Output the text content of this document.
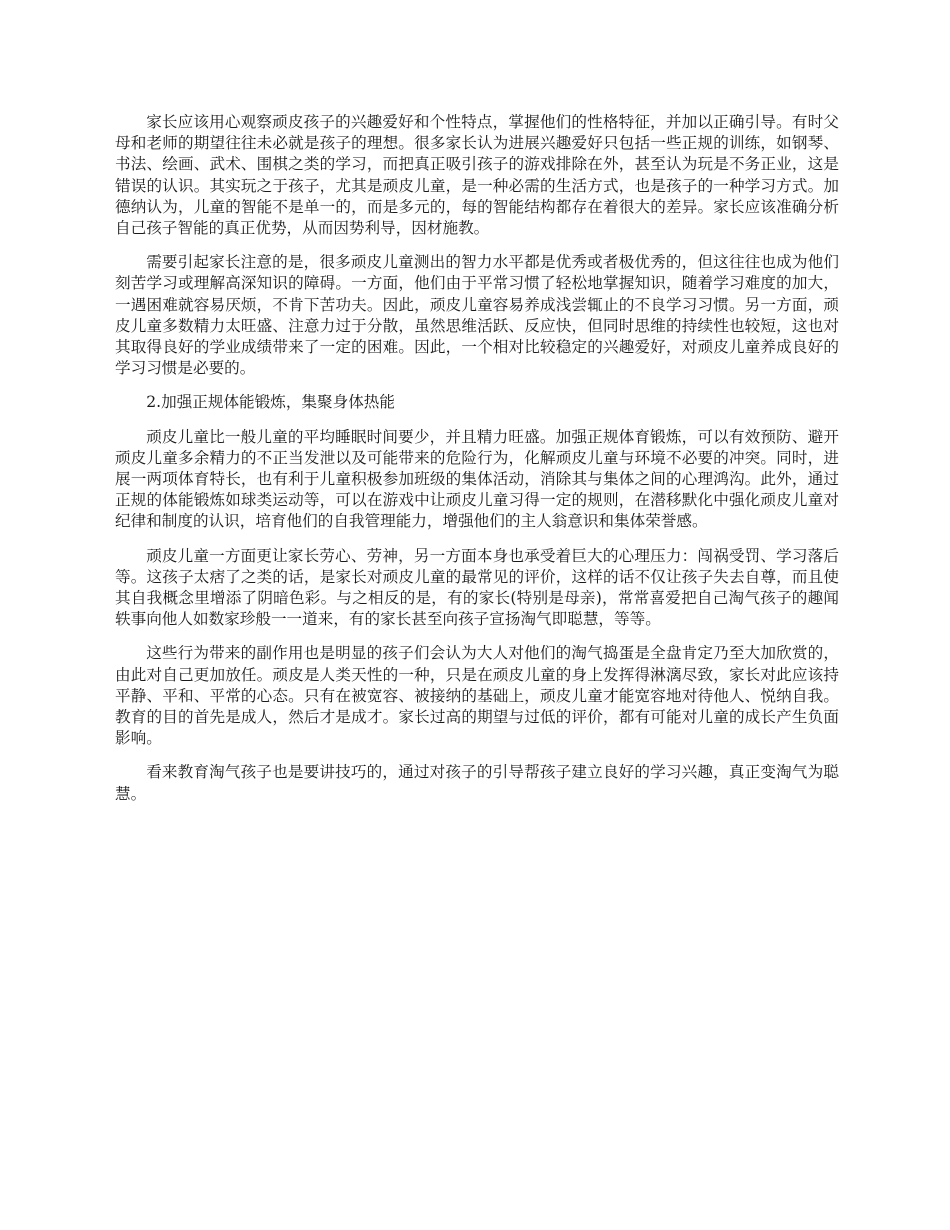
家长应该用心观察顽皮孩子的兴趣爱好和个性特点，掌握他们的性格特征，并加以正确引导。有时父母和老师的期望往往未必就是孩子的理想。很多家长认为进展兴趣爱好只包括一些正规的训练，如钢琴、书法、绘画、武术、围棋之类的学习，而把真正吸引孩子的游戏排除在外，甚至认为玩是不务正业，这是错误的认识。其实玩之于孩子，尤其是顽皮儿童，是一种必需的生活方式，也是孩子的一种学习方式。加德纳认为，儿童的智能不是单一的，而是多元的，每的智能结构都存在着很大的差异。家长应该准确分析自己孩子智能的真正优势，从而因势利导，因材施教。

需要引起家长注意的是，很多顽皮儿童测出的智力水平都是优秀或者极优秀的，但这往往也成为他们刻苦学习或理解高深知识的障碍。一方面，他们由于平常习惯了轻松地掌握知识，随着学习难度的加大，一遇困难就容易厌烦，不肯下苦功夫。因此，顽皮儿童容易养成浅尝辄止的不良学习习惯。另一方面，顽皮儿童多数精力太旺盛、注意力过于分散，虽然思维活跃、反应快，但同时思维的持续性也较短，这也对其取得良好的学业成绩带来了一定的困难。因此，一个相对比较稳定的兴趣爱好，对顽皮儿童养成良好的学习习惯是必要的。

2.加强正规体能锻炼，集聚身体热能

顽皮儿童比一般儿童的平均睡眠时间要少，并且精力旺盛。加强正规体育锻炼，可以有效预防、避开顽皮儿童多余精力的不正当发泄以及可能带来的危险行为，化解顽皮儿童与环境不必要的冲突。同时，进展一两项体育特长，也有利于儿童积极参加班级的集体活动，消除其与集体之间的心理鸿沟。此外，通过正规的体能锻炼如球类运动等，可以在游戏中让顽皮儿童习得一定的规则，在潜移默化中强化顽皮儿童对纪律和制度的认识，培育他们的自我管理能力，增强他们的主人翁意识和集体荣誉感。

顽皮儿童一方面更让家长劳心、劳神，另一方面本身也承受着巨大的心理压力：闯祸受罚、学习落后等。这孩子太痞了之类的话，是家长对顽皮儿童的最常见的评价，这样的话不仅让孩子失去自尊，而且使其自我概念里增添了阴暗色彩。与之相反的是，有的家长(特别是母亲)，常常喜爱把自己淘气孩子的趣闻轶事向他人如数家珍般一一道来，有的家长甚至向孩子宣扬淘气即聪慧，等等。

这些行为带来的副作用也是明显的孩子们会认为大人对他们的淘气捣蛋是全盘肯定乃至大加欣赏的，由此对自己更加放任。顽皮是人类天性的一种，只是在顽皮儿童的身上发挥得淋漓尽致，家长对此应该持平静、平和、平常的心态。只有在被宽容、被接纳的基础上，顽皮儿童才能宽容地对待他人、悦纳自我。教育的目的首先是成人，然后才是成才。家长过高的期望与过低的评价，都有可能对儿童的成长产生负面影响。

看来教育淘气孩子也是要讲技巧的，通过对孩子的引导帮孩子建立良好的学习兴趣，真正变淘气为聪慧。
